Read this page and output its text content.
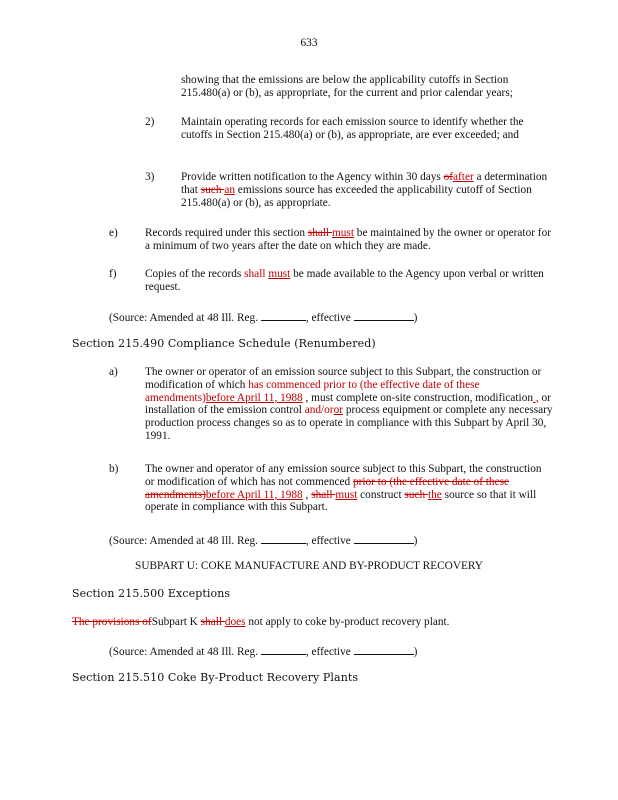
633
showing that the emissions are below the applicability cutoffs in Section 215.480(a) or (b), as appropriate, for the current and prior calendar years;
2) Maintain operating records for each emission source to identify whether the cutoffs in Section 215.480(a) or (b), as appropriate, are ever exceeded; and
3) Provide written notification to the Agency within 30 days ofafter a determination that such an emissions source has exceeded the applicability cutoff of Section 215.480(a) or (b), as appropriate.
e) Records required under this section shall must be maintained by the owner or operator for a minimum of two years after the date on which they are made.
f)	Copies of the records shall must be made available to the Agency upon verbal or written request.
(Source: Amended at 48 Ill. Reg.	, effective	)
Section 215.490 Compliance Schedule (Renumbered)
a) The owner or operator of an emission source subject to this Subpart, the construction or modification of which has commenced prior to (the effective date of these amendments)before April 11, 1988 , must complete on-site construction, modification , or installation of the emission control and/oror process equipment or complete any necessary production process changes so as to operate in compliance with this Subpart by April 30, 1991.
b) The owner and operator of any emission source subject to this Subpart, the construction or modification of which has not commenced prior to (the effective date of these amendments)before April 11, 1988 , shall must construct such the source so that it will operate in compliance with this Subpart.
(Source: Amended at 48 Ill. Reg.	, effective	)
SUBPART U: COKE MANUFACTURE AND BY-PRODUCT RECOVERY
Section 215.500 Exceptions
The provisions ofSubpart K shall does not apply to coke by-product recovery plant.
(Source: Amended at 48 Ill. Reg.	, effective	)
Section 215.510 Coke By-Product Recovery Plants
